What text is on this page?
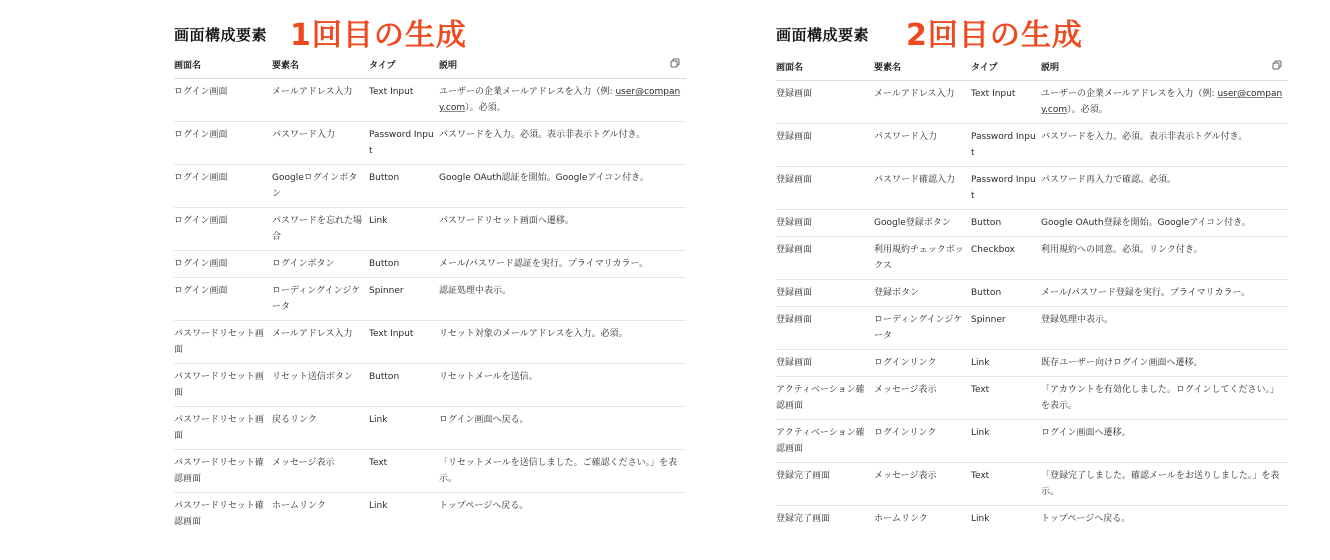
画面構成要素 1回目の生成
画面名	要素名	タイプ	説明

ログイン画面	メールアドレス入力	Text Input	ユーザーの企業メールアドレスを入力（例: user@company.com）。必須。
ログイン画面	パスワード入力	Password Input	パスワードを入力。必須。表示非表示トグル付き。
ログイン画面	Googleログインボタン	Button	Google OAuth認証を開始。Googleアイコン付き。
ログイン画面	パスワードを忘れた場合	Link	パスワードリセット画面へ遷移。
ログイン画面	ログインボタン	Button	メール/パスワード認証を実行。プライマリカラー。
ログイン画面	ローディングインジケータ	Spinner	認証処理中表示。
パスワードリセット画面	メールアドレス入力	Text Input	リセット対象のメールアドレスを入力。必須。
パスワードリセット画面	リセット送信ボタン	Button	リセットメールを送信。
パスワードリセット画面	戻るリンク	Link	ログイン画面へ戻る。
パスワードリセット確認画面	メッセージ表示	Text	「リセットメールを送信しました。ご確認ください。」を表示。
パスワードリセット確認画面	ホームリンク	Link	トップページへ戻る。
画面構成要素 2回目の生成
画面名	要素名	タイプ	説明

登録画面	メールアドレス入力	Text Input	ユーザーの企業メールアドレスを入力（例: user@company.com）。必須。
登録画面	パスワード入力	Password Input	パスワードを入力。必須。表示非表示トグル付き。
登録画面	パスワード確認入力	Password Input	パスワード再入力で確認。必須。
登録画面	Google登録ボタン	Button	Google OAuth登録を開始。Googleアイコン付き。
登録画面	利用規約チェックボックス	Checkbox	利用規約への同意。必須。リンク付き。
登録画面	登録ボタン	Button	メール/パスワード登録を実行。プライマリカラー。
登録画面	ローディングインジケータ	Spinner	登録処理中表示。
登録画面	ログインリンク	Link	既存ユーザー向けログイン画面へ遷移。
アクティベーション確認画面	メッセージ表示	Text	「アカウントを有効化しました。ログインしてください。」を表示。
アクティベーション確認画面	ログインリンク	Link	ログイン画面へ遷移。
登録完了画面	メッセージ表示	Text	「登録完了しました。確認メールをお送りしました。」を表示。
登録完了画面	ホームリンク	Link	トップページへ戻る。
